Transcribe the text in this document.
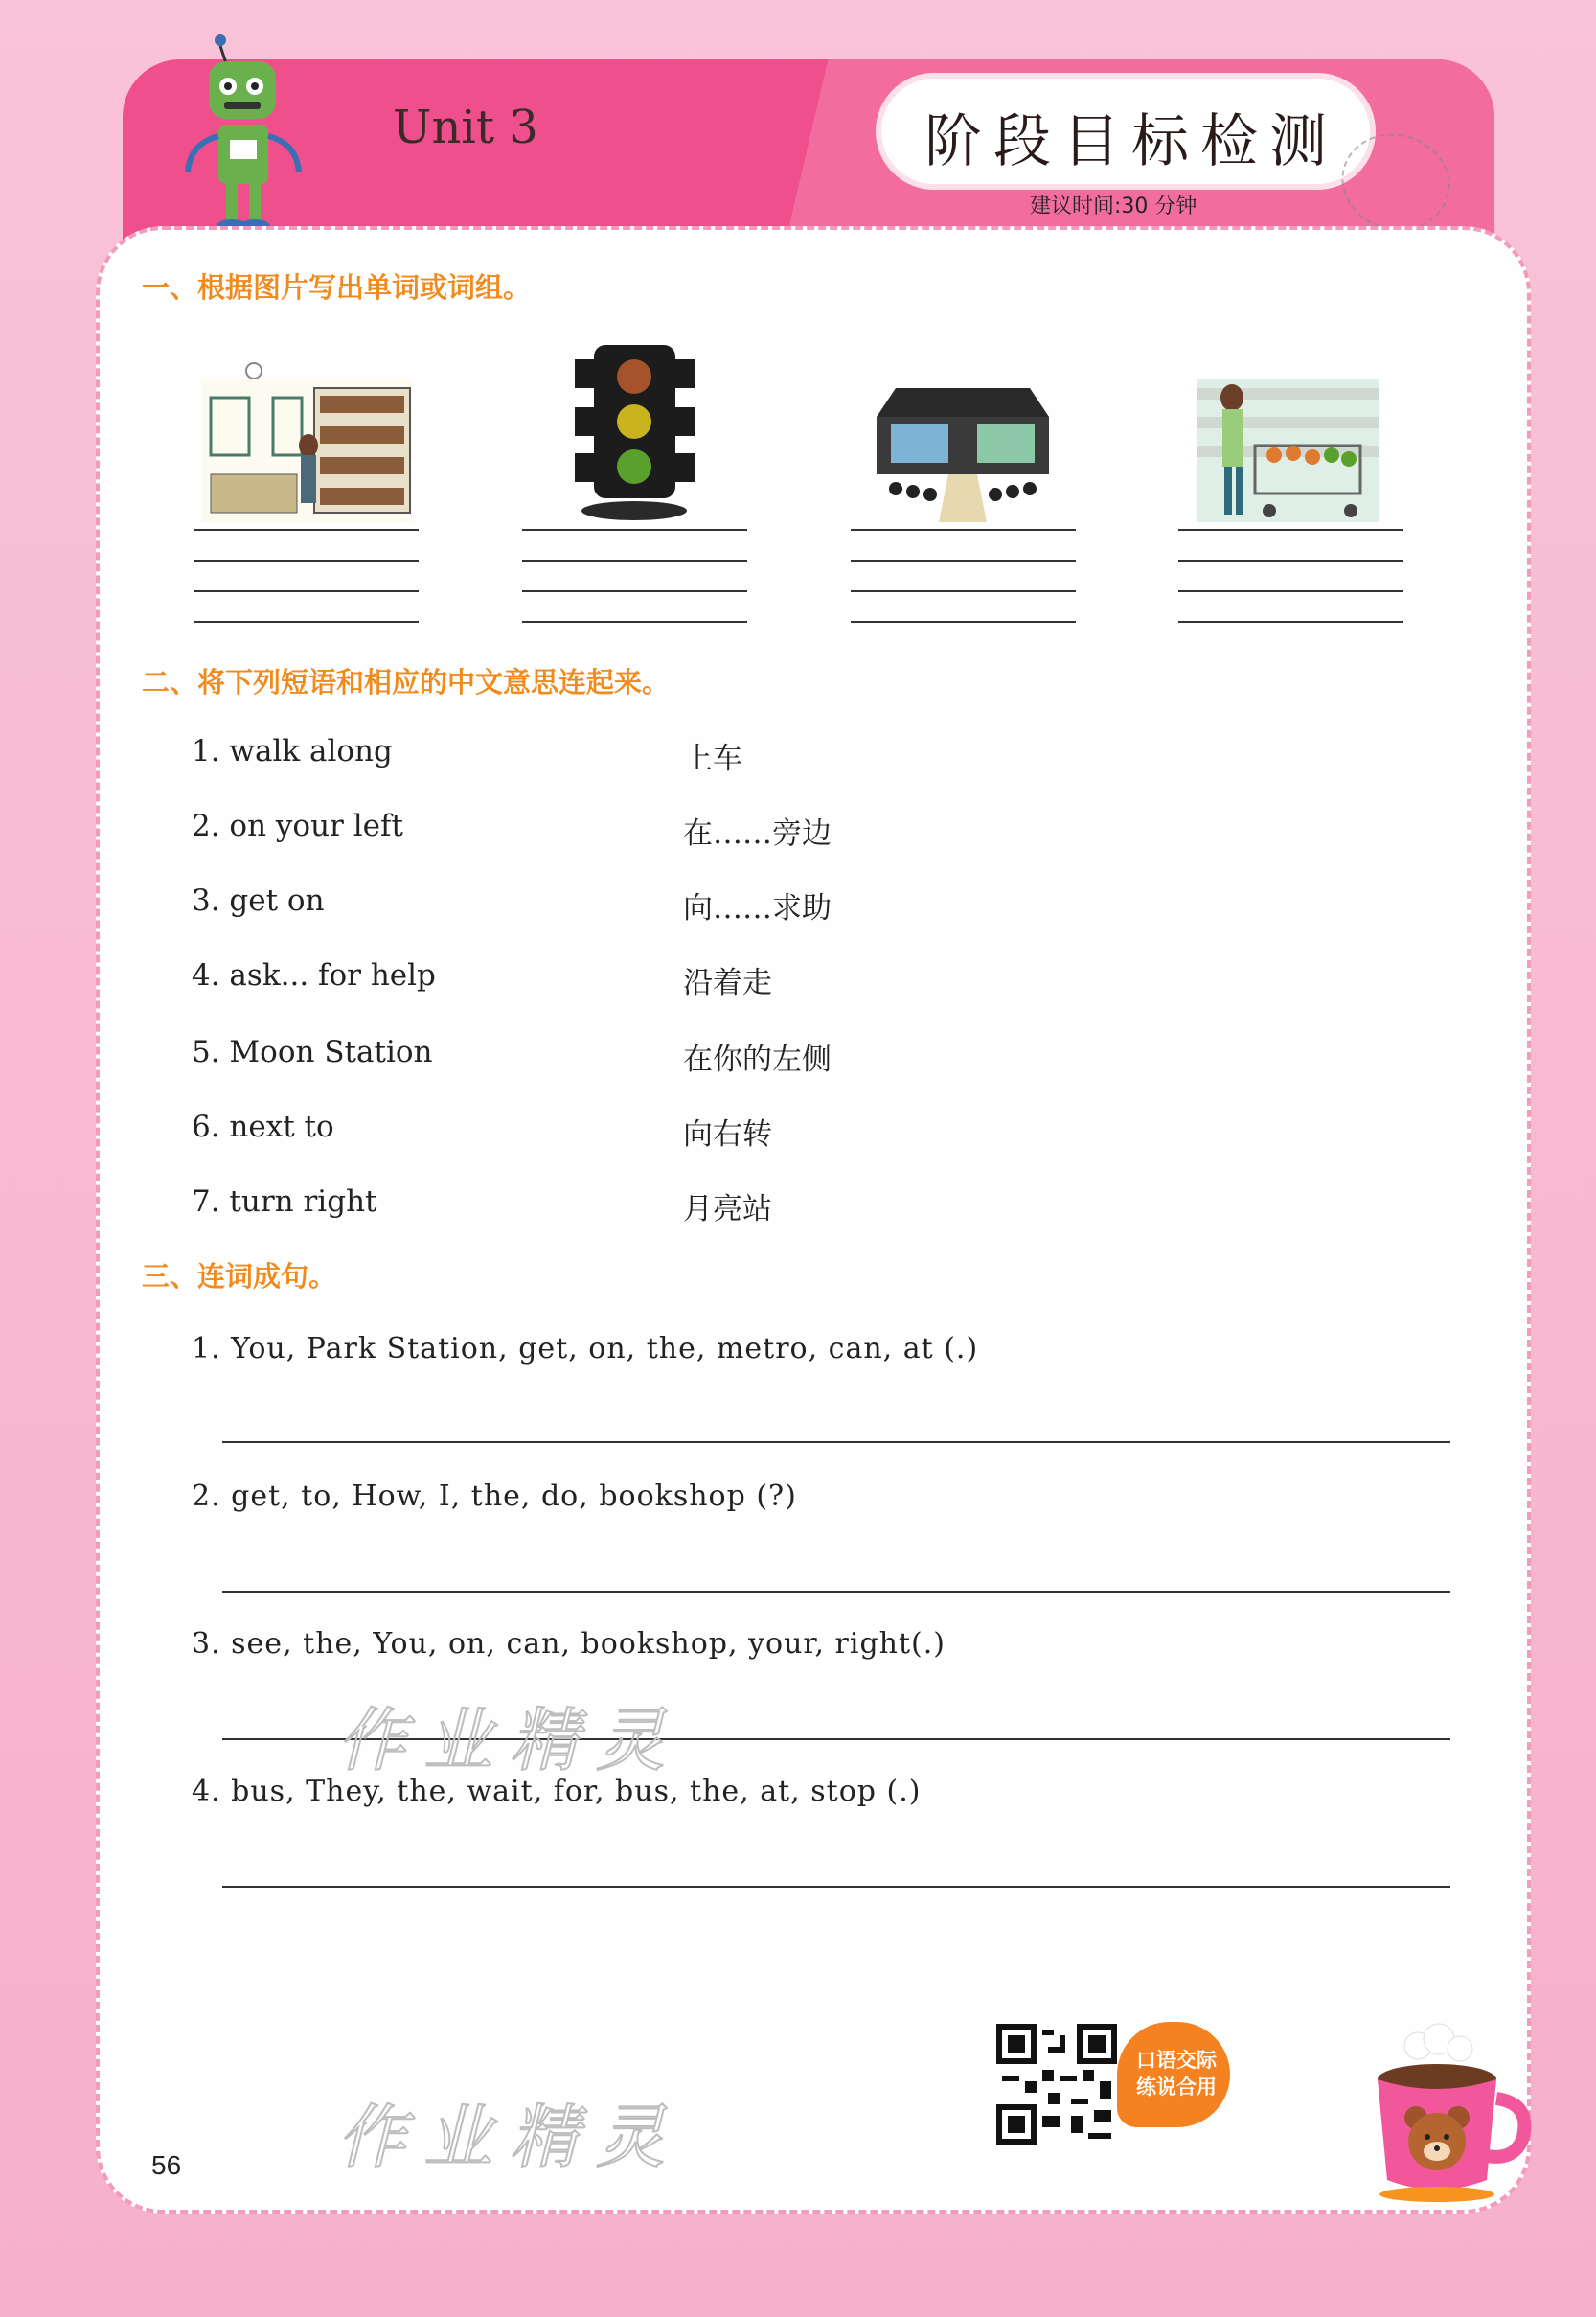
Unit 3	阶段目标检测
建议时间:30 分钟
一、根据图片写出单词或词组。
二、将下列短语和相应的中文意思连起来。
1. walk along
2. on your left
3. get on
4. ask... for help
5. Moon Station
6. next to
7. turn right
上车
在……旁边
向……求助
沿着走
在你的左侧
向右转
月亮站
三、连词成句。
1. You, Park Station, get, on, the, metro, can, at (.)
2. get, to, How, I, the, do, bookshop (?)
3. see, the, You, on, can, bookshop, your, right(.)
4. bus, They, the, wait, for, bus, the, at, stop (.)
作业精灵
作业精灵
56
口语交际练说合用
